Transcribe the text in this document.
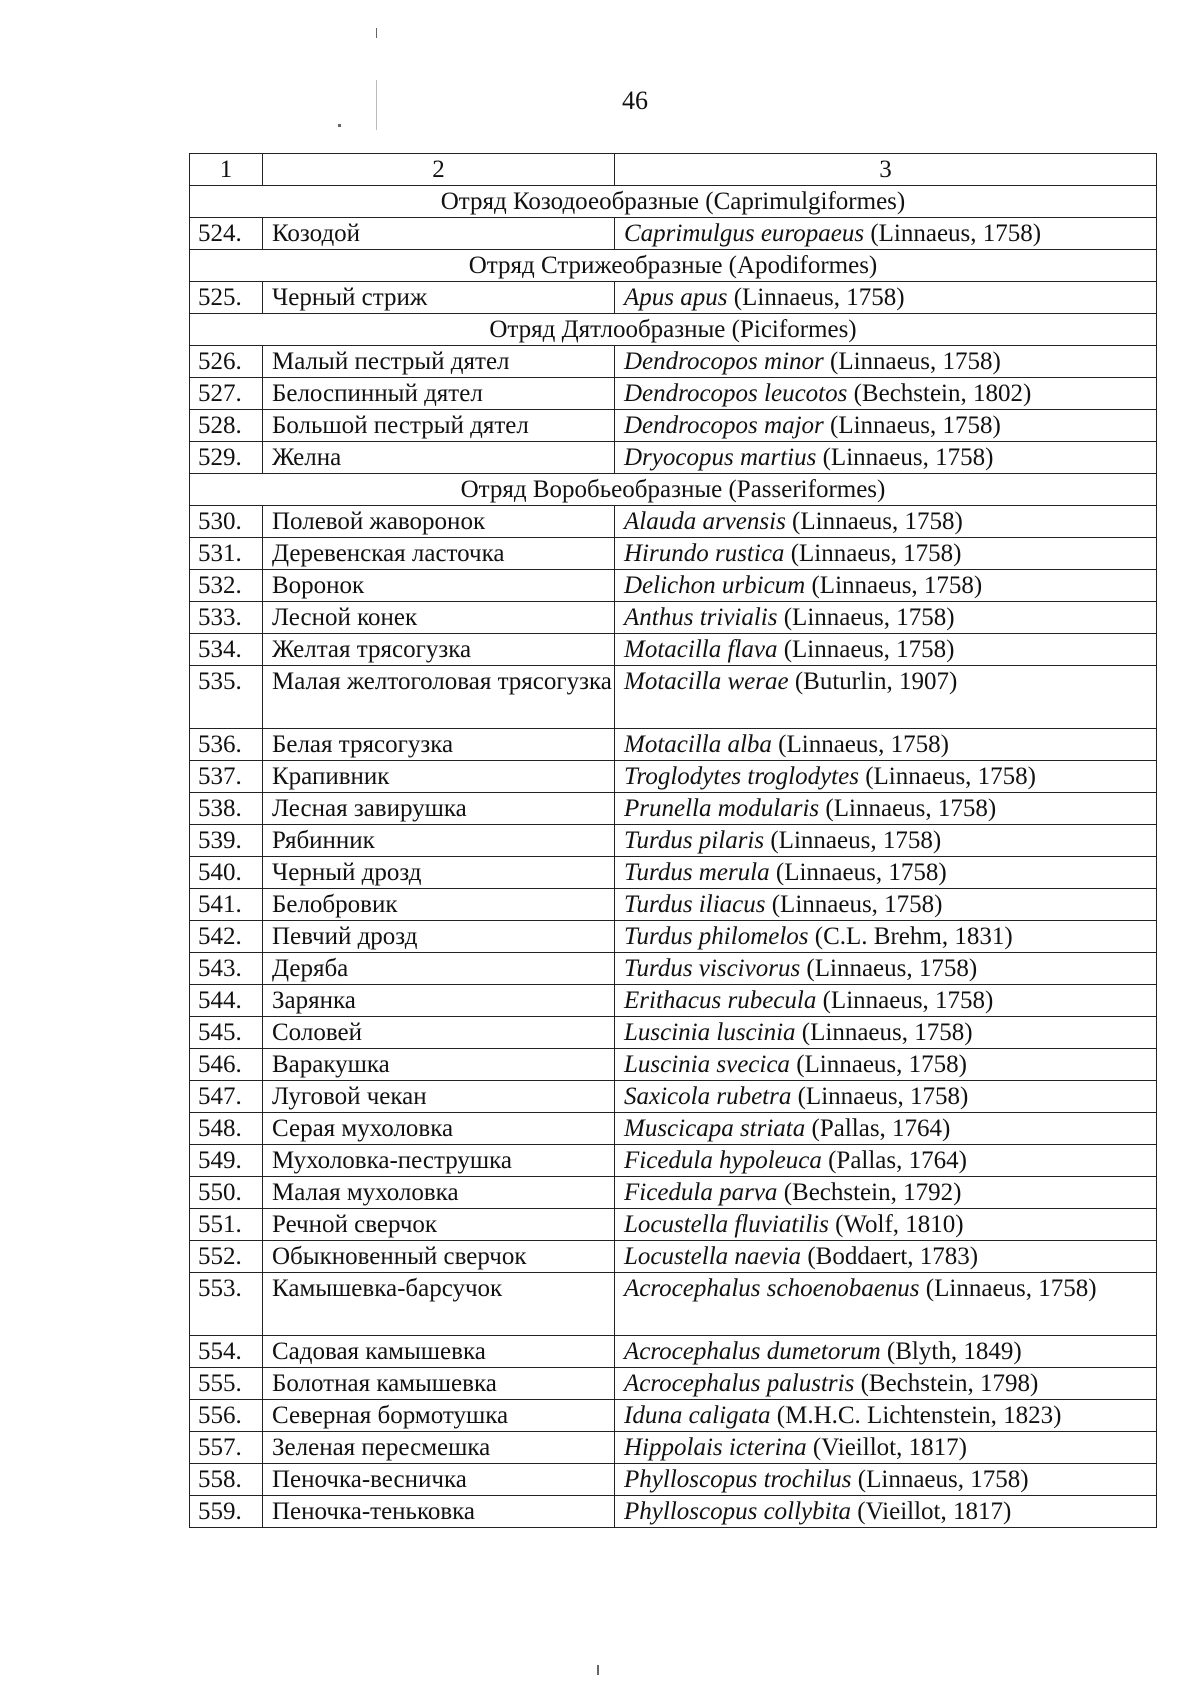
46
1	2	3
Отряд Козодоеобразные (Caprimulgiformes)		
524.	Козодой	Caprimulgus europaeus (Linnaeus, 1758)
Отряд Стрижеобразные (Apodiformes)		
525.	Черный стриж	Apus apus (Linnaeus, 1758)
Отряд Дятлообразные (Piciformes)		
526.	Малый пестрый дятел	Dendrocopos minor (Linnaeus, 1758)
527.	Белоспинный дятел	Dendrocopos leucotos (Bechstein, 1802)
528.	Большой пестрый дятел	Dendrocopos major (Linnaeus, 1758)
529.	Желна	Dryocopus martius (Linnaeus, 1758)
Отряд Воробьеобразные (Passeriformes)		
530.	Полевой жаворонок	Alauda arvensis (Linnaeus, 1758)
531.	Деревенская ласточка	Hirundo rustica (Linnaeus, 1758)
532.	Воронок	Delichon urbicum (Linnaeus, 1758)
533.	Лесной конек	Anthus trivialis (Linnaeus, 1758)
534.	Желтая трясогузка	Motacilla flava (Linnaeus, 1758)
535.	Малая желтоголовая трясогузка	Motacilla werae (Buturlin, 1907)
536.	Белая трясогузка	Motacilla alba (Linnaeus, 1758)
537.	Крапивник	Troglodytes troglodytes (Linnaeus, 1758)
538.	Лесная завирушка	Prunella modularis (Linnaeus, 1758)
539.	Рябинник	Turdus pilaris (Linnaeus, 1758)
540.	Черный дрозд	Turdus merula (Linnaeus, 1758)
541.	Белобровик	Turdus iliacus (Linnaeus, 1758)
542.	Певчий дрозд	Turdus philomelos (C.L. Brehm, 1831)
543.	Деряба	Turdus viscivorus (Linnaeus, 1758)
544.	Зарянка	Erithacus rubecula (Linnaeus, 1758)
545.	Соловей	Luscinia luscinia (Linnaeus, 1758)
546.	Варакушка	Luscinia svecica (Linnaeus, 1758)
547.	Луговой чекан	Saxicola rubetra (Linnaeus, 1758)
548.	Серая мухоловка	Muscicapa striata (Pallas, 1764)
549.	Мухоловка-пеструшка	Ficedula hypoleuca (Pallas, 1764)
550.	Малая мухоловка	Ficedula parva (Bechstein, 1792)
551.	Речной сверчок	Locustella fluviatilis (Wolf, 1810)
552.	Обыкновенный сверчок	Locustella naevia (Boddaert, 1783)
553.	Камышевка-барсучок	Acrocephalus schoenobaenus (Linnaeus, 1758)
554.	Садовая камышевка	Acrocephalus dumetorum (Blyth, 1849)
555.	Болотная камышевка	Acrocephalus palustris (Bechstein, 1798)
556.	Северная бормотушка	Iduna caligata (M.H.C. Lichtenstein, 1823)
557.	Зеленая пересмешка	Hippolais icterina (Vieillot, 1817)
558.	Пеночка-весничка	Phylloscopus trochilus (Linnaeus, 1758)
559.	Пеночка-теньковка	Phylloscopus collybita (Vieillot, 1817)
